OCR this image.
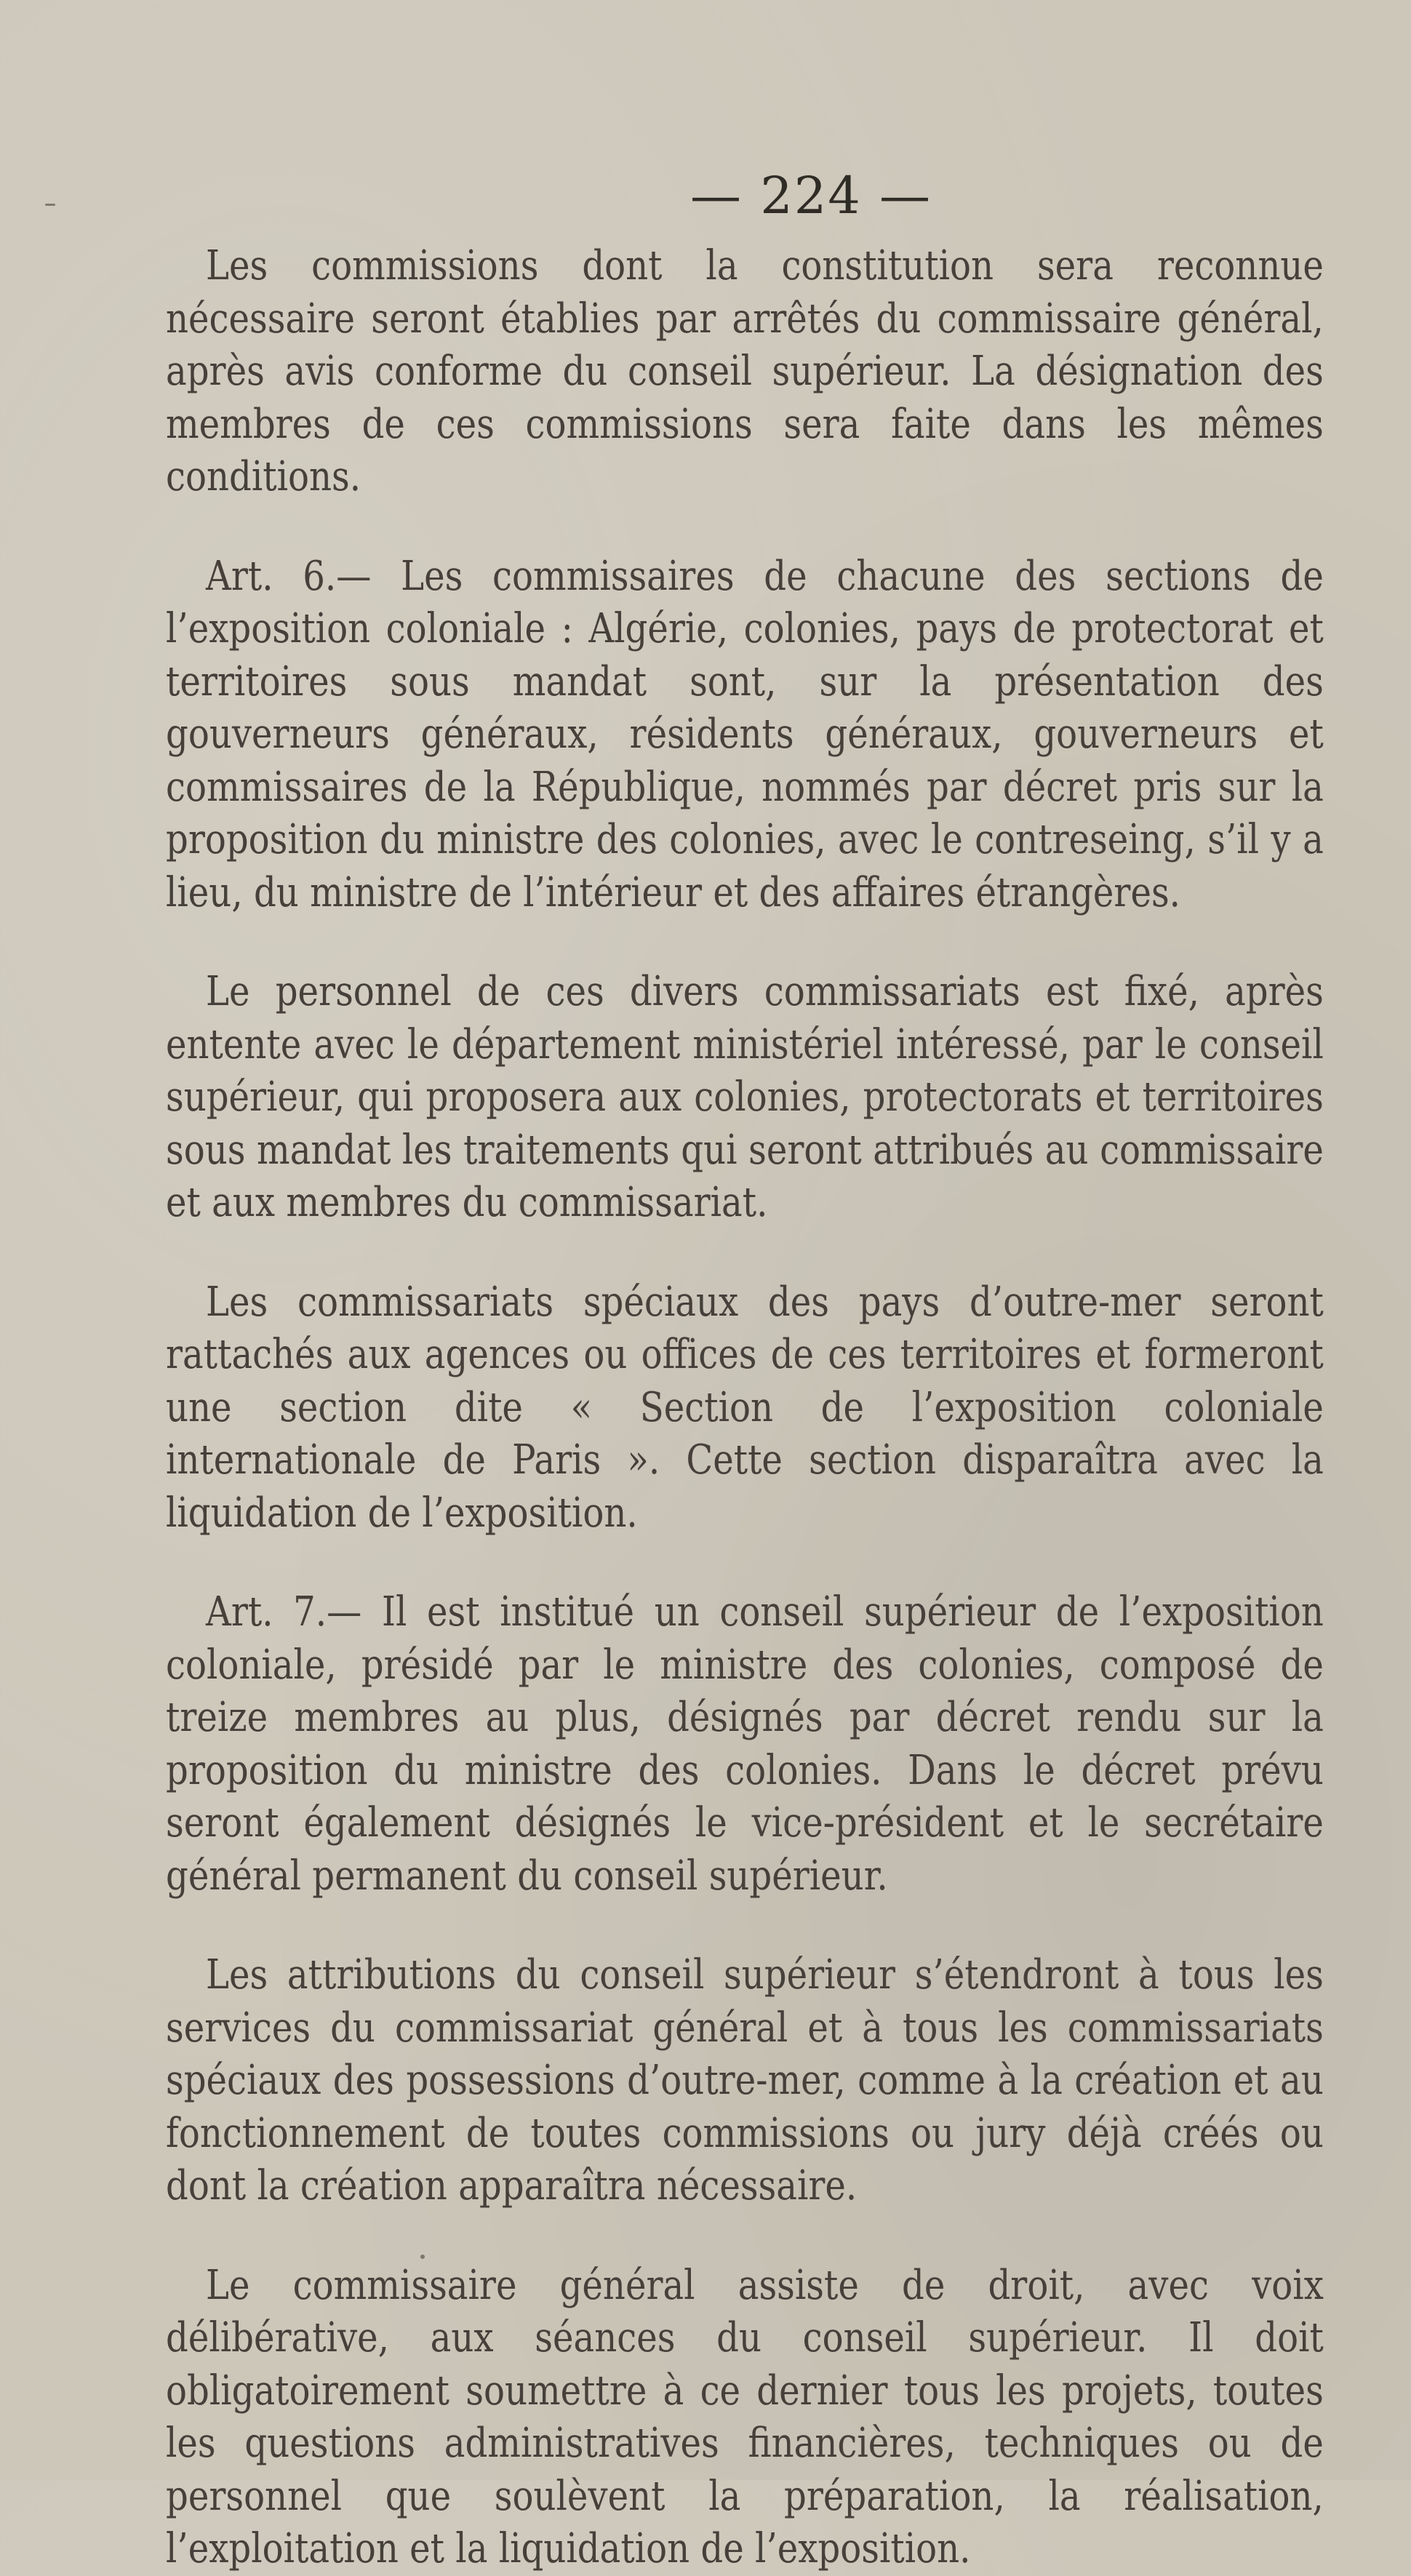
— 224 —

Les commissions dont la constitution sera reconnue nécessaire seront établies par arrêtés du commissaire général, après avis conforme du conseil supérieur. La désignation des membres de ces commissions sera faite dans les mêmes conditions.

Art. 6.— Les commissaires de chacune des sections de l’exposition coloniale : Algérie, colonies, pays de protectorat et territoires sous mandat sont, sur la présentation des gouverneurs généraux, résidents généraux, gouverneurs et commissaires de la République, nommés par décret pris sur la proposition du ministre des colonies, avec le contreseing, s’il y a lieu, du ministre de l’intérieur et des affaires étrangères.

Le personnel de ces divers commissariats est fixé, après entente avec le département ministériel intéressé, par le conseil supérieur, qui proposera aux colonies, protectorats et territoires sous mandat les traitements qui seront attribués au commissaire et aux membres du commissariat.

Les commissariats spéciaux des pays d’outre-mer seront rattachés aux agences ou offices de ces territoires et formeront une section dite « Section de l’exposition coloniale internationale de Paris ». Cette section disparaîtra avec la liquidation de l’exposition.

Art. 7.— Il est institué un conseil supérieur de l’exposition coloniale, présidé par le ministre des colonies, composé de treize membres au plus, désignés par décret rendu sur la proposition du ministre des colonies. Dans le décret prévu seront également désignés le vice-président et le secrétaire général permanent du conseil supérieur.

Les attributions du conseil supérieur s’étendront à tous les services du commissariat général et à tous les commissariats spéciaux des possessions d’outre-mer, comme à la création et au fonctionnement de toutes commissions ou jury déjà créés ou dont la création apparaîtra nécessaire.

Le commissaire général assiste de droit, avec voix délibérative, aux séances du conseil supérieur. Il doit obligatoirement soumettre à ce dernier tous les projets, toutes les questions administratives financières, techniques ou de personnel que soulèvent la préparation, la réalisation, l’exploitation et la liquidation de l’exposition.
